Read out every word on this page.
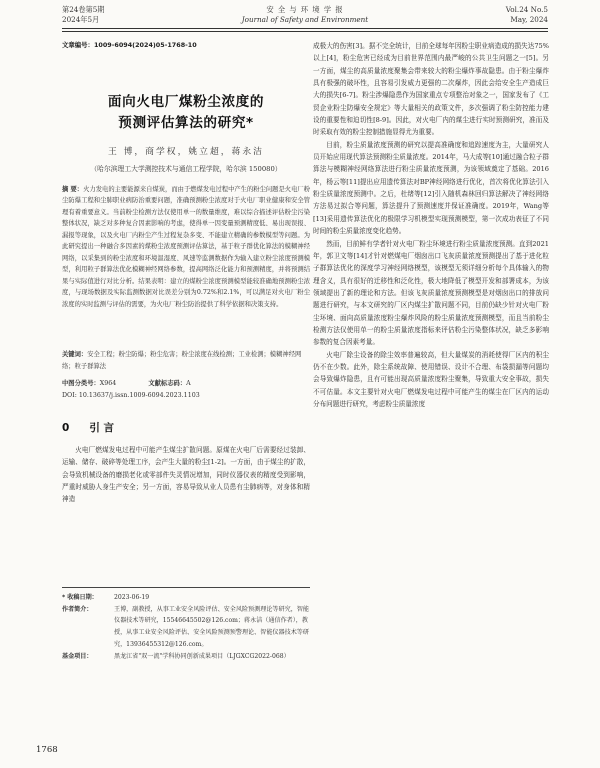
第24卷第5期
2024年5月
安 全 与 环 境 学 报
Journal of Safety and Environment
Vol.24 No.5
May, 2024
文章编号：1009-6094(2024)05-1768-10
面向火电厂煤粉尘浓度的
预测评估算法的研究*
王 博，商学权，姚立超，蒋永洁
（哈尔滨理工大学测控技术与通信工程学院，哈尔滨 150080）
摘 要：火力发电的主要能源来自煤炭，而由于燃煤发电过程中产生的粉尘问题是火电厂粉尘防爆工程和尘肺职业病防治重要问题，准确预测粉尘浓度对于火电厂职业健康和安全管理有着重要意义。当前粉尘检测方法仅使用单一的数量维度，难以综合描述评估粉尘污染整体状况，缺乏对多种复合因素影响的考虑，使得单一因变量预测精度低、易出现误报、漏报等现象，以及火电厂内粉尘产生过程复杂多变、不能建立精确的参数模型等问题。为此研究提出一种融合多因素的煤粉尘浓度预测评估算法，基于粒子群优化算法的模糊神经网络，以采集到的粉尘浓度和环境温湿度、风速等监测数据作为输入建立粉尘浓度预测模型，利用粒子群算法优化模糊神经网络参数，提高网络泛化能力和预测精度，并将预测结果与实际值进行对比分析。结果表明：建立的煤粉尘浓度预测模型能较准确地预测粉尘浓度，与现场数据及实际监测数据对比误差分别为0.72%和2.1%，可以满足对火电厂粉尘浓度的实时监测与评估的需要，为火电厂粉尘防治提供了科学依据和决策支持。
关键词：安全工程；粉尘防爆；粉尘危害；粉尘浓度在线检测；工业检测；模糊神经网络；粒子群算法
中图分类号：X964	文献标志码：A
DOI: 10.13637/j.issn.1009-6094.2023.1103
0 引 言

火电厂燃煤发电过程中可能产生煤尘扩散问题。原煤在火电厂后需要经过装卸、运输、储存、破碎等处理工序，会产生大量的粉尘[1-2]。一方面，由于煤尘的扩散，会导致机械设备的磨损老化或零部件失灵情况增加，同时仪器仪表的精度受到影响，严重时威胁人身生产安全；另一方面，容易导致从业人员患有尘肺病等，对身体和精神造

* 收稿日期：	2023-06-19
作者简介：	王博，副教授，从事工业安全风险评估、安全风险预测理论等研究，智能仪器技术等研究，15546645502@126.com；蒋永洁（通信作者），教授，从事工业安全风险评估、安全风险预测预警理论、智能仪器技术等研究，13936455312@126.com。
基金项目：	黑龙江省"双一流"学科协同创新成果项目（LJGXCG2022-068）

成极大的伤害[3]。据不完全统计，目前全球每年因粉尘职业病造成的损失达75%以上[4]，粉尘危害已经成为目前世界范围内最严峻的公共卫生问题之一[5]。另一方面，煤尘的高质量浓度聚集会带来较大的粉尘爆炸事故隐患。由于粉尘爆炸具有极强的破坏性，且容易引发威力更强的二次爆炸，因此会给安全生产造成巨大的损失[6-7]。粉尘涉爆隐患作为国家重点专项整治对象之一，国家发布了《工贸企业粉尘防爆安全规定》等大量相关的政策文件，多次强调了粉尘防控能力建设的重要性和迫切性[8-9]。因此，对火电厂内的煤尘进行实时预测研究，准而及时采取有效的粉尘控制措施显得尤为重要。

目前，粉尘质量浓度预测的研究以提高准确度和追踪速度为主，大量研究人员开始应用现代算法预测粉尘质量浓度。2014年，马大成等[10]通过融合粒子群算法与模糊神经网络算法进行粉尘质量浓度预测，为该领域奠定了基础。2016年，杨云等[11]提出应用遗传算法对BP神经网络进行优化，首次将优化算法引入粉尘质量浓度预测中。之后，杜绪等[12]引入随机森林回归算法解决了神经网络方法易过拟合等问题，算法提升了预测速度并保证准确度。2019年，Wang等[13]采用遗传算法优化的极限学习机模型实现预测模型，第一次成功表征了不同时间的粉尘质量浓度变化趋势。

然而，目前鲜有学者针对火电厂粉尘环境进行粉尘质量浓度预测。直到2021年，郭卫文等[14]才针对燃煤电厂烟囱出口飞灰质量浓度预测提出了基于进化粒子群算法优化的深度学习神经网络模型，该模型无须详细分析每个具体输入的物理含义，具有很好的迁移性和泛化性，极大地降低了模型开发和部署成本，为该领域提出了新的理论和方法。但该飞灰质量浓度预测模型是对烟囱出口的排放问题进行研究，与本文研究的厂区内煤尘扩散问题不同，目前仍缺少针对火电厂粉尘环境、面向高质量浓度粉尘爆炸风险的粉尘质量浓度预测模型，而且当前粉尘检测方法仅使用单一的粉尘质量浓度指标来评估粉尘污染整体状况，缺乏多影响参数的复合因素考量。

火电厂除尘设备的除尘效率普遍较高，但大量煤炭的消耗使得厂区内的积尘仍不在少数。此外，除尘系统故障、使用错误、设计不合理、布袋损漏等问题均会导致爆炸隐患，且有可能出现高质量浓度粉尘聚集，导致重大安全事故，损失不可估量。本文主要针对火电厂燃煤发电过程中可能产生的煤尘在厂区内的运动分布问题进行研究，考虑粉尘质量浓度

1768
